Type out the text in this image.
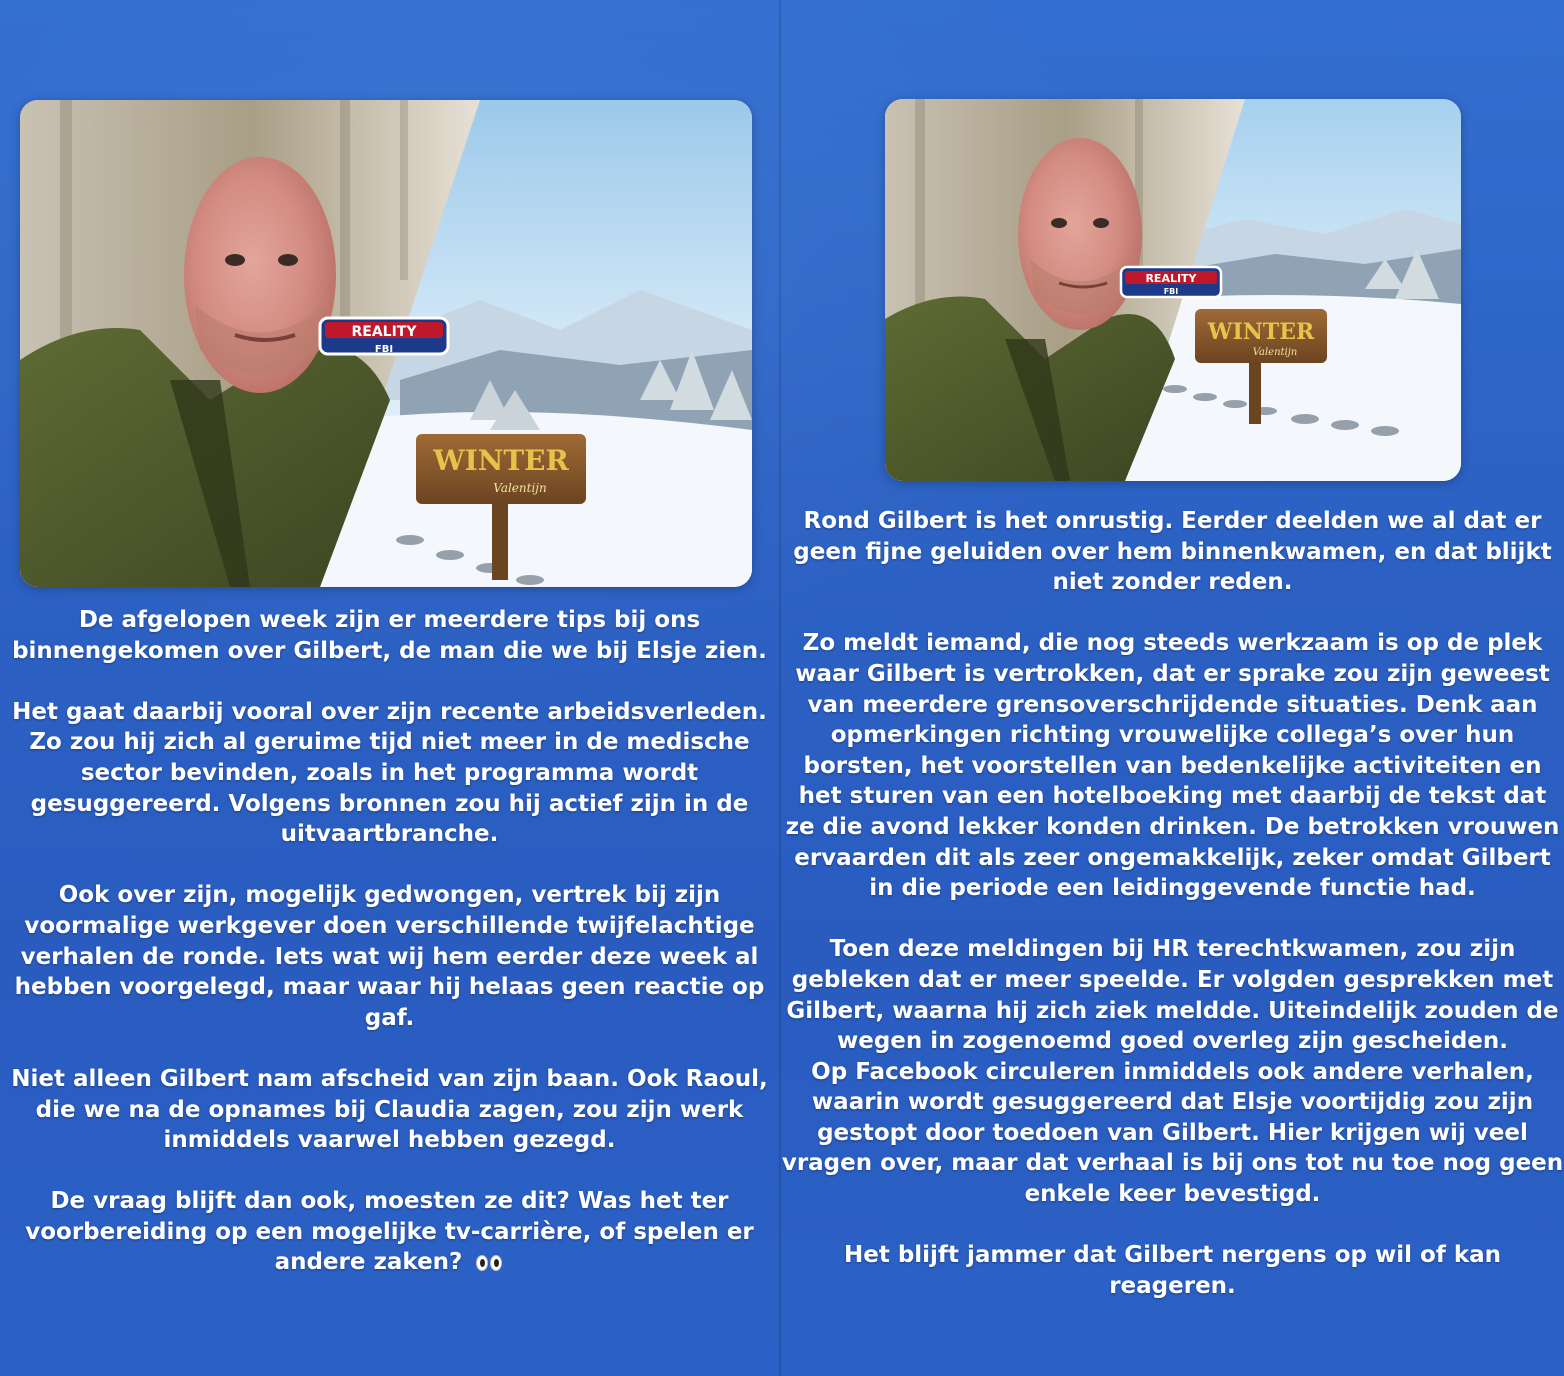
WINTER
Valentijn
REALITY
FBI

De afgelopen week zijn er meerdere tips bij ons binnengekomen over Gilbert, de man die we bij Elsje zien.

Het gaat daarbij vooral over zijn recente arbeidsverleden. Zo zou hij zich al geruime tijd niet meer in de medische sector bevinden, zoals in het programma wordt gesuggereerd. Volgens bronnen zou hij actief zijn in de uitvaartbranche.

Ook over zijn, mogelijk gedwongen, vertrek bij zijn voormalige werkgever doen verschillende twijfelachtige verhalen de ronde. Iets wat wij hem eerder deze week al hebben voorgelegd, maar waar hij helaas geen reactie op gaf.

Niet alleen Gilbert nam afscheid van zijn baan. Ook Raoul, die we na de opnames bij Claudia zagen, zou zijn werk inmiddels vaarwel hebben gezegd.

De vraag blijft dan ook, moesten ze dit? Was het ter voorbereiding op een mogelijke tv-carrière, of spelen er andere zaken?

WINTER
Valentijn
REALITY
FBI

Rond Gilbert is het onrustig. Eerder deelden we al dat er geen fijne geluiden over hem binnenkwamen, en dat blijkt niet zonder reden.

Zo meldt iemand, die nog steeds werkzaam is op de plek waar Gilbert is vertrokken, dat er sprake zou zijn geweest van meerdere grensoverschrijdende situaties. Denk aan opmerkingen richting vrouwelijke collega’s over hun borsten, het voorstellen van bedenkelijke activiteiten en het sturen van een hotelboeking met daarbij de tekst dat ze die avond lekker konden drinken. De betrokken vrouwen ervaarden dit als zeer ongemakkelijk, zeker omdat Gilbert in die periode een leidinggevende functie had.

Toen deze meldingen bij HR terechtkwamen, zou zijn gebleken dat er meer speelde. Er volgden gesprekken met Gilbert, waarna hij zich ziek meldde. Uiteindelijk zouden de wegen in zogenoemd goed overleg zijn gescheiden.

Op Facebook circuleren inmiddels ook andere verhalen, waarin wordt gesuggereerd dat Elsje voortijdig zou zijn gestopt door toedoen van Gilbert. Hier krijgen wij veel vragen over, maar dat verhaal is bij ons tot nu toe nog geen enkele keer bevestigd.

Het blijft jammer dat Gilbert nergens op wil of kan reageren.
